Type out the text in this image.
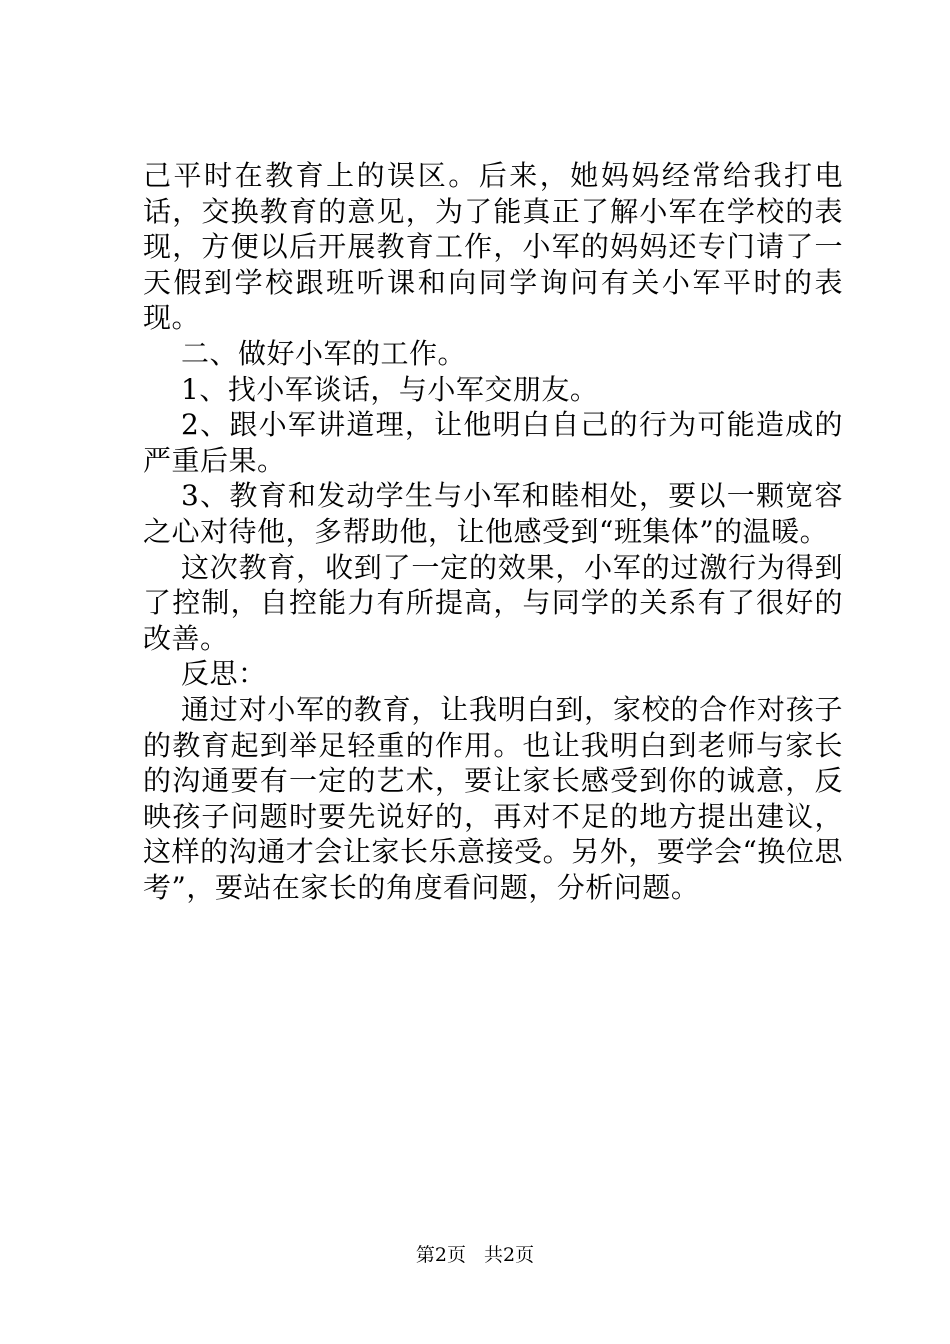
己平时在教育上的误区。后来，她妈妈经常给我打电话，交换教育的意见，为了能真正了解小军在学校的表现，方便以后开展教育工作，小军的妈妈还专门请了一天假到学校跟班听课和向同学询问有关小军平时的表现。

二、做好小军的工作。

1、找小军谈话，与小军交朋友。

2、跟小军讲道理，让他明白自己的行为可能造成的严重后果。

3、教育和发动学生与小军和睦相处，要以一颗宽容之心对待他，多帮助他，让他感受到“班集体”的温暖。

这次教育，收到了一定的效果，小军的过激行为得到了控制，自控能力有所提高，与同学的关系有了很好的改善。

反思：

通过对小军的教育，让我明白到，家校的合作对孩子的教育起到举足轻重的作用。也让我明白到老师与家长的沟通要有一定的艺术，要让家长感受到你的诚意，反映孩子问题时要先说好的，再对不足的地方提出建议，这样的沟通才会让家长乐意接受。另外，要学会“换位思考”，要站在家长的角度看问题，分析问题。

第2页 共2页
